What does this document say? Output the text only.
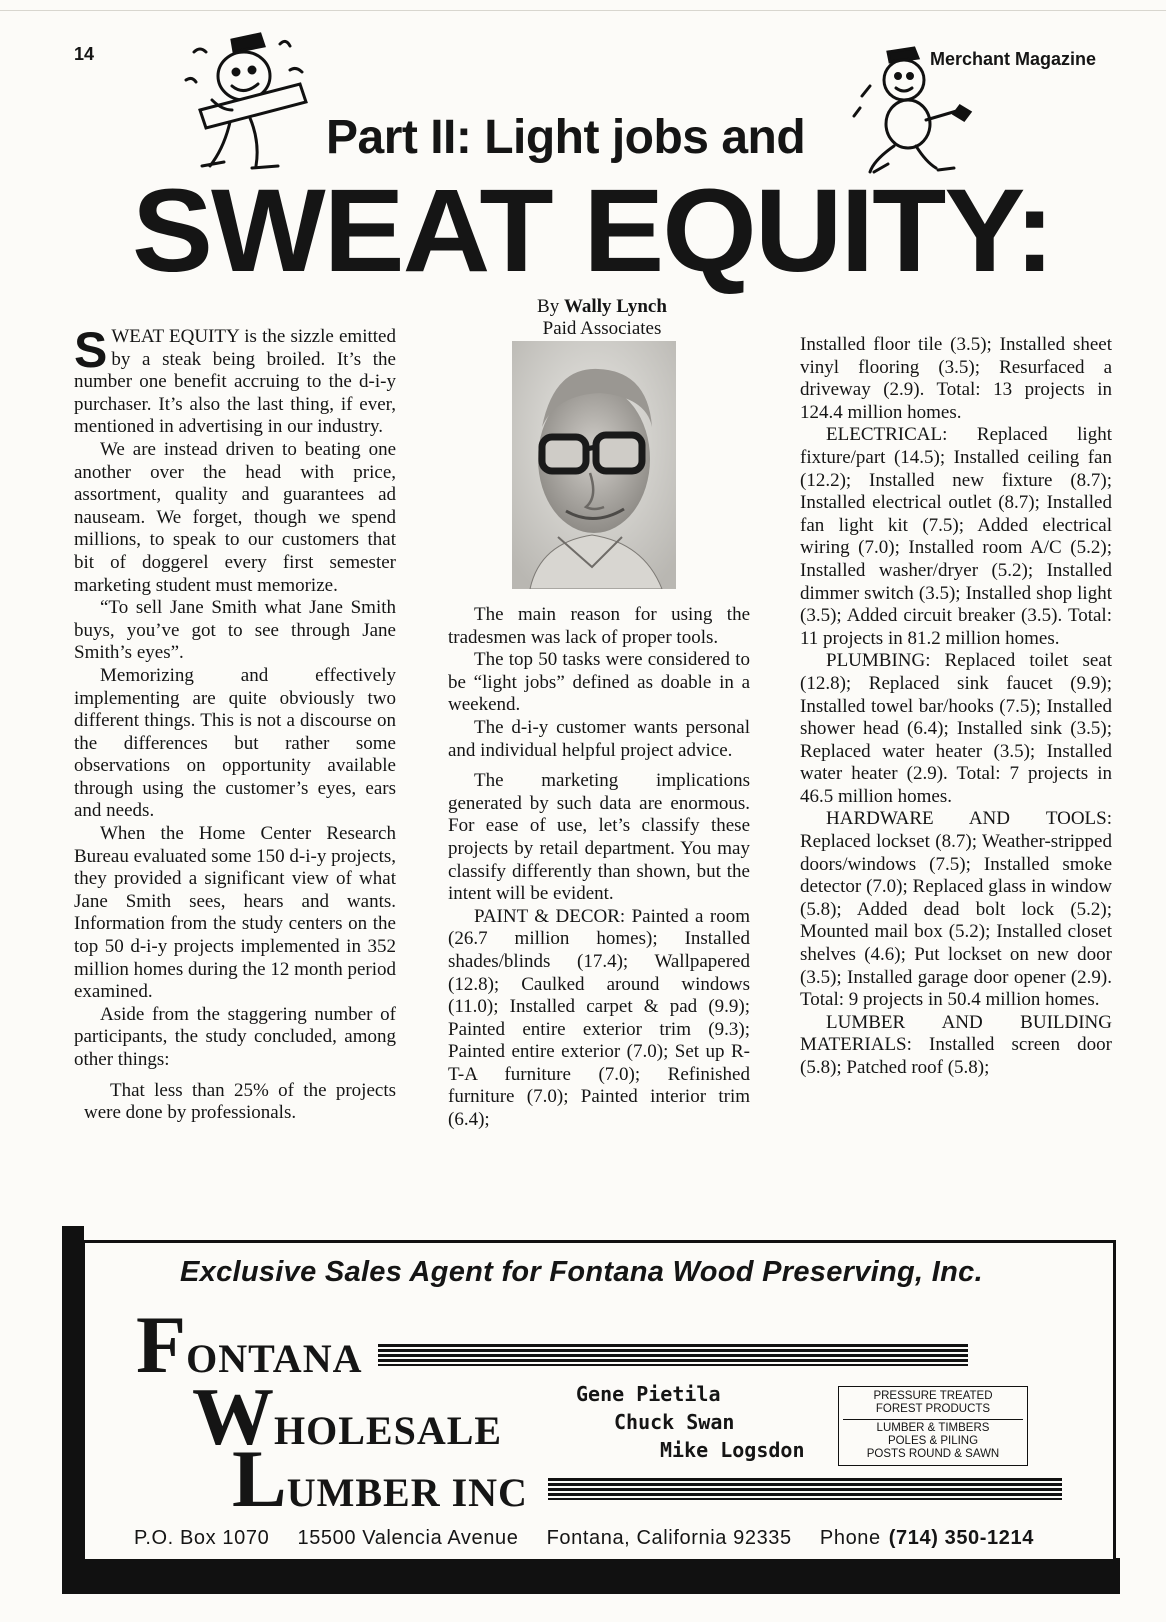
14	Merchant Magazine
Part II: Light jobs and
SWEAT EQUITY:
By Wally Lynch
Paid Associates

SWEAT EQUITY is the sizzle emitted by a steak being broiled. It’s the number one benefit accruing to the d-i-y purchaser. It’s also the last thing, if ever, mentioned in advertising in our industry.

We are instead driven to beating one another over the head with price, assortment, quality and guarantees ad nauseam. We forget, though we spend millions, to speak to our customers that bit of doggerel every first semester marketing student must memorize.

“To sell Jane Smith what Jane Smith buys, you’ve got to see through Jane Smith’s eyes”.

Memorizing and effectively implementing are quite obviously two different things. This is not a discourse on the differences but rather some observations on opportunity available through using the customer’s eyes, ears and needs.

When the Home Center Research Bureau evaluated some 150 d-i-y projects, they provided a significant view of what Jane Smith sees, hears and wants. Information from the study centers on the top 50 d-i-y projects implemented in 352 million homes during the 12 month period examined.

Aside from the staggering number of participants, the study concluded, among other things:

That less than 25% of the projects were done by professionals.

The main reason for using the tradesmen was lack of proper tools.

The top 50 tasks were considered to be “light jobs” defined as doable in a weekend.

The d-i-y customer wants personal and individual helpful project advice.

The marketing implications generated by such data are enormous. For ease of use, let’s classify these projects by retail department. You may classify differently than shown, but the intent will be evident.

PAINT & DECOR: Painted a room (26.7 million homes); Installed shades/blinds (17.4); Wallpapered (12.8); Caulked around windows (11.0); Installed carpet & pad (9.9); Painted entire exterior trim (9.3); Painted entire exterior (7.0); Set up R-T-A furniture (7.0); Refinished furniture (7.0); Painted interior trim (6.4);

Installed floor tile (3.5); Installed sheet vinyl flooring (3.5); Resurfaced a driveway (2.9). Total: 13 projects in 124.4 million homes.

ELECTRICAL: Replaced light fixture/part (14.5); Installed ceiling fan (12.2); Installed new fixture (8.7); Installed electrical outlet (8.7); Installed fan light kit (7.5); Added electrical wiring (7.0); Installed room A/C (5.2); Installed washer/dryer (5.2); Installed dimmer switch (3.5); Installed shop light (3.5); Added circuit breaker (3.5). Total: 11 projects in 81.2 million homes.

PLUMBING: Replaced toilet seat (12.8); Replaced sink faucet (9.9); Installed towel bar/hooks (7.5); Installed shower head (6.4); Installed sink (3.5); Replaced water heater (3.5); Installed water heater (2.9). Total: 7 projects in 46.5 million homes.

HARDWARE AND TOOLS: Replaced lockset (8.7); Weather-stripped doors/windows (7.5); Installed smoke detector (7.0); Replaced glass in window (5.8); Added dead bolt lock (5.2); Mounted mail box (5.2); Installed closet shelves (4.6); Put lockset on new door (3.5); Installed garage door opener (2.9). Total: 9 projects in 50.4 million homes.

LUMBER AND BUILDING MATERIALS: Installed screen door (5.8); Patched roof (5.8);

Exclusive Sales Agent for Fontana Wood Preserving, Inc.
FONTANA
WHOLESALE
LUMBER INC
Gene Pietila
Chuck Swan
Mike Logsdon
PRESSURE TREATED
FOREST PRODUCTS
LUMBER & TIMBERS
POLES & PILING
POSTS ROUND & SAWN
P.O. Box 1070 15500 Valencia Avenue Fontana, California 92335 Phone (714) 350-1214
